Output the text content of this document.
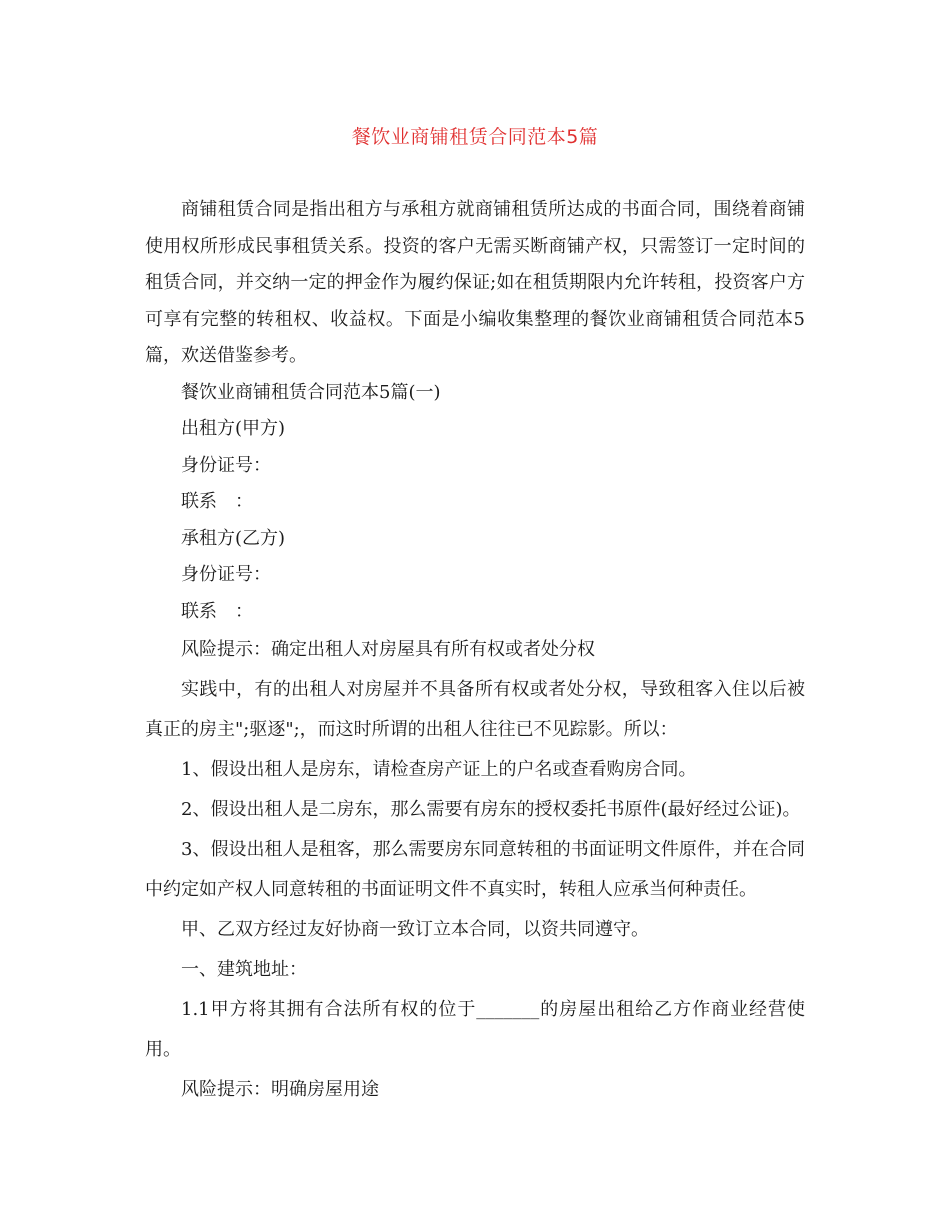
餐饮业商铺租赁合同范本5篇

商铺租赁合同是指出租方与承租方就商铺租赁所达成的书面合同，围绕着商铺使用权所形成民事租赁关系。投资的客户无需买断商铺产权，只需签订一定时间的租赁合同，并交纳一定的押金作为履约保证;如在租赁期限内允许转租，投资客户方可享有完整的转租权、收益权。下面是小编收集整理的餐饮业商铺租赁合同范本5篇，欢送借鉴参考。

餐饮业商铺租赁合同范本5篇(一)

出租方(甲方)

身份证号：

联系　：

承租方(乙方)

身份证号：

联系　：

风险提示：确定出租人对房屋具有所有权或者处分权

实践中，有的出租人对房屋并不具备所有权或者处分权，导致租客入住以后被真正的房主";驱逐";，而这时所谓的出租人往往已不见踪影。所以：

1、假设出租人是房东，请检查房产证上的户名或查看购房合同。

2、假设出租人是二房东，那么需要有房东的授权委托书原件(最好经过公证)。

3、假设出租人是租客，那么需要房东同意转租的书面证明文件原件，并在合同中约定如产权人同意转租的书面证明文件不真实时，转租人应承当何种责任。

甲、乙双方经过友好协商一致订立本合同，以资共同遵守。

一、建筑地址：

1.1甲方将其拥有合法所有权的位于_______的房屋出租给乙方作商业经营使用。

风险提示：明确房屋用途
